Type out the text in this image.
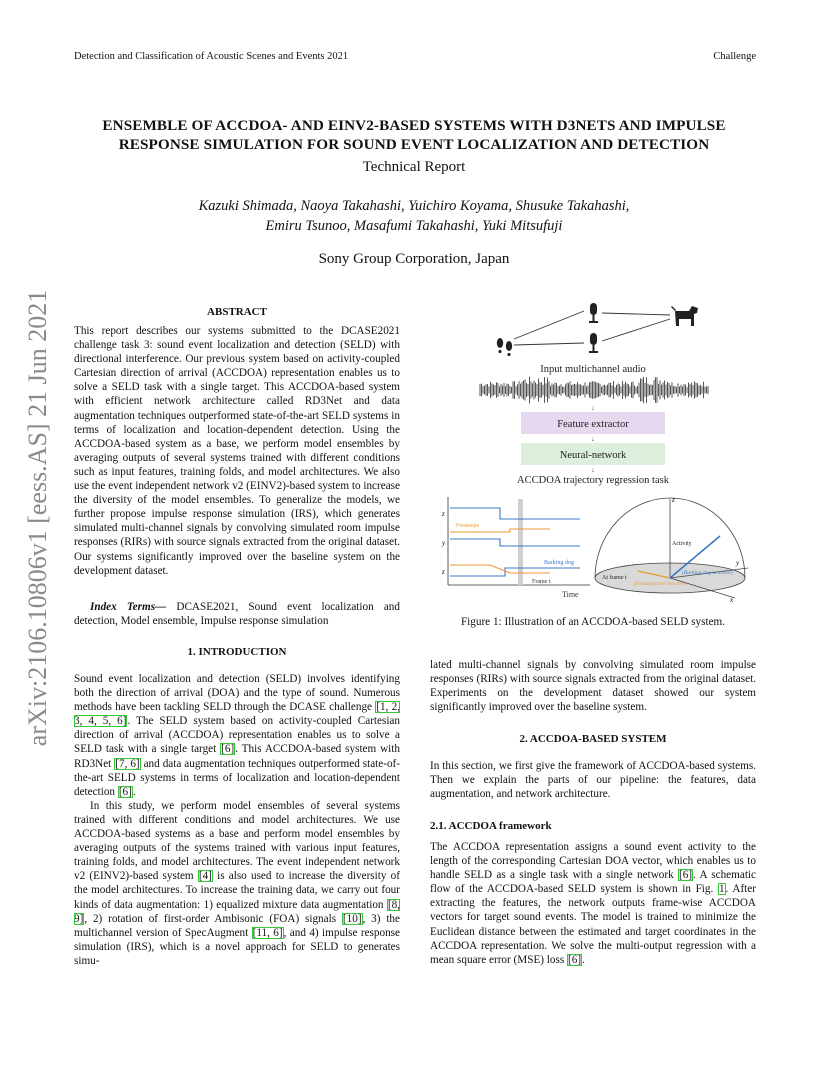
Detection and Classification of Acoustic Scenes and Events 2021	Challenge
ENSEMBLE OF ACCDOA- AND EINV2-BASED SYSTEMS WITH D3NETS AND IMPULSE RESPONSE SIMULATION FOR SOUND EVENT LOCALIZATION AND DETECTION
Technical Report
Kazuki Shimada, Naoya Takahashi, Yuichiro Koyama, Shusuke Takahashi,
Emiru Tsunoo, Masafumi Takahashi, Yuki Mitsufuji
Sony Group Corporation, Japan
arXiv:2106.10806v1 [eess.AS] 21 Jun 2021	ABSTRACT
This report describes our systems submitted to the DCASE2021 challenge task 3: sound event localization and detection (SELD) with directional interference. Our previous system based on activity-coupled Cartesian direction of arrival (ACCDOA) representation enables us to solve a SELD task with a single target. This ACCDOA-based system with efficient network architecture called RD3Net and data augmentation techniques outperformed state-of-the-art SELD systems in terms of localization and location-dependent detection. Using the ACCDOA-based system as a base, we perform model ensembles by averaging outputs of several systems trained with different conditions such as input features, training folds, and model architectures. We also use the event independent network v2 (EINV2)-based system to increase the diversity of the model ensembles. To generalize the models, we further propose impulse response simulation (IRS), which generates simulated multi-channel signals by convolving simulated room impulse responses (RIRs) with source signals extracted from the original dataset. Our systems significantly improved over the baseline system on the development dataset.

Index Terms— DCASE2021, Sound event localization and detection, Model ensemble, Impulse response simulation

1. INTRODUCTION

Sound event localization and detection (SELD) involves identifying both the direction of arrival (DOA) and the type of sound. Numerous methods have been tackling SELD through the DCASE challenge [1, 2, 3, 4, 5, 6]. The SELD system based on activity-coupled Cartesian direction of arrival (ACCDOA) representation enables us to solve a SELD task with a single target [6]. This ACCDOA-based system with RD3Net [7, 6] and data augmentation techniques outperformed state-of-the-art SELD systems in terms of localization and location-dependent detection [6].

In this study, we perform model ensembles of several systems trained with different conditions and model architectures. We use ACCDOA-based systems as a base and perform model ensembles by averaging outputs of the systems trained with various input features, training folds, and model architectures. The event independent network v2 (EINV2)-based system [4] is also used to increase the diversity of the model architectures. To increase the training data, we carry out four kinds of data augmentation: 1) equalized mixture data augmentation [8, 9], 2) rotation of first-order Ambisonic (FOA) signals [10], 3) the multichannel version of SpecAugment [11, 6], and 4) impulse response simulation (IRS), which is a novel approach for SELD to generates simu-

lated multi-channel signals by convolving simulated room impulse responses (RIRs) with source signals extracted from the original dataset. Experiments on the development dataset showed our system significantly improved over the baseline system.
2. ACCDOA-BASED SYSTEM
In this section, we first give the framework of ACCDOA-based systems. Then we explain the parts of our pipeline: the features, data augmentation, and network architecture.
2.1. ACCDOA framework

The ACCDOA representation assigns a sound event activity to the length of the corresponding Cartesian DOA vector, which enables us to handle SELD as a single task with a single network [6]. A schematic flow of the ACCDOA-based SELD system is shown in Fig. 1. After extracting the features, the network outputs frame-wise ACCDOA vectors for target sound events. The model is trained to minimize the Euclidean distance between the estimated and target coordinates in the ACCDOA representation. We solve the multi-output regression with a mean square error (MSE) loss [6].

Input multichannel audio
↓
Feature extractor
↓
Neural-network
↓
ACCDOA trajectory regression task
z
y
z
Footsteps
Barking dog
Frame t
Time
z
y
x
Activity
At frame t
(Barking dog is active)
(Footsteps are inactive)
Figure 1: Illustration of an ACCDOA-based SELD system.
